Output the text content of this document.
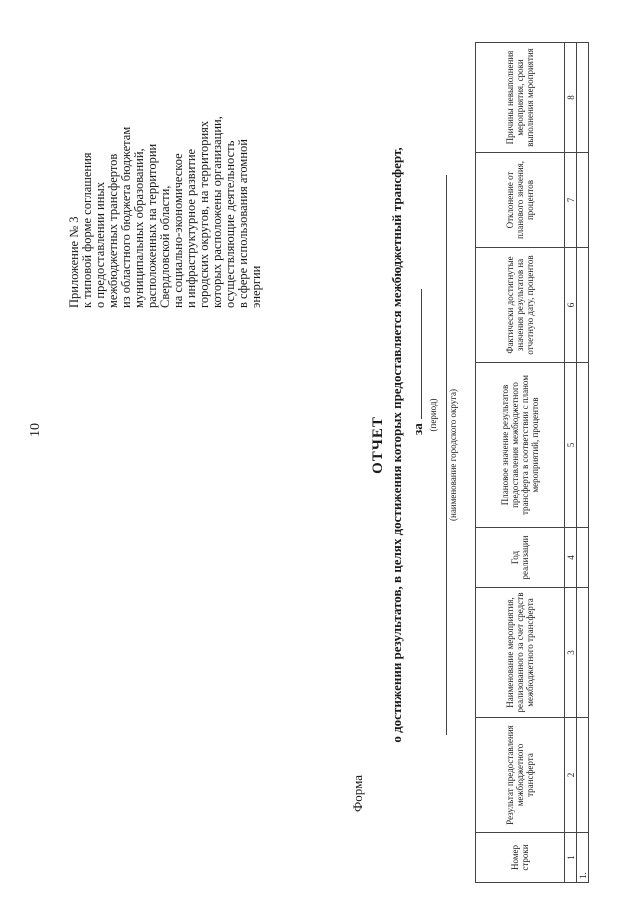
10
Приложение № 3 к типовой форме соглашения о предоставлении иных межбюджетных трансфертов из областного бюджета бюджетам муниципальных образований, расположенных на территории Свердловской области, на социально-экономическое и инфраструктурное развитие городских округов, на территориях которых расположены организации, осуществляющие деятельность в сфере использования атомной энергии
Форма
ОТЧЕТ о достижении результатов, в целях достижения которых предоставляется межбюджетный трансферт, за (период) (наименование городского округа)
Номер строки	Результат предоставления межбюджетного трансферта	Наименование мероприятия, реализованного за счет средств межбюджетного трансферта	Год реализации	Плановое значение результатов предоставления межбюджетного трансферта в соответствии с планом мероприятий, процентов	Фактически достигнутые значения результатов на отчетную дату, процентов	Отклонение от планового значения, процентов	Причины невыполнения мероприятия, сроки выполнения мероприятия
1	2	3	4	5	6	7	8
1.							
